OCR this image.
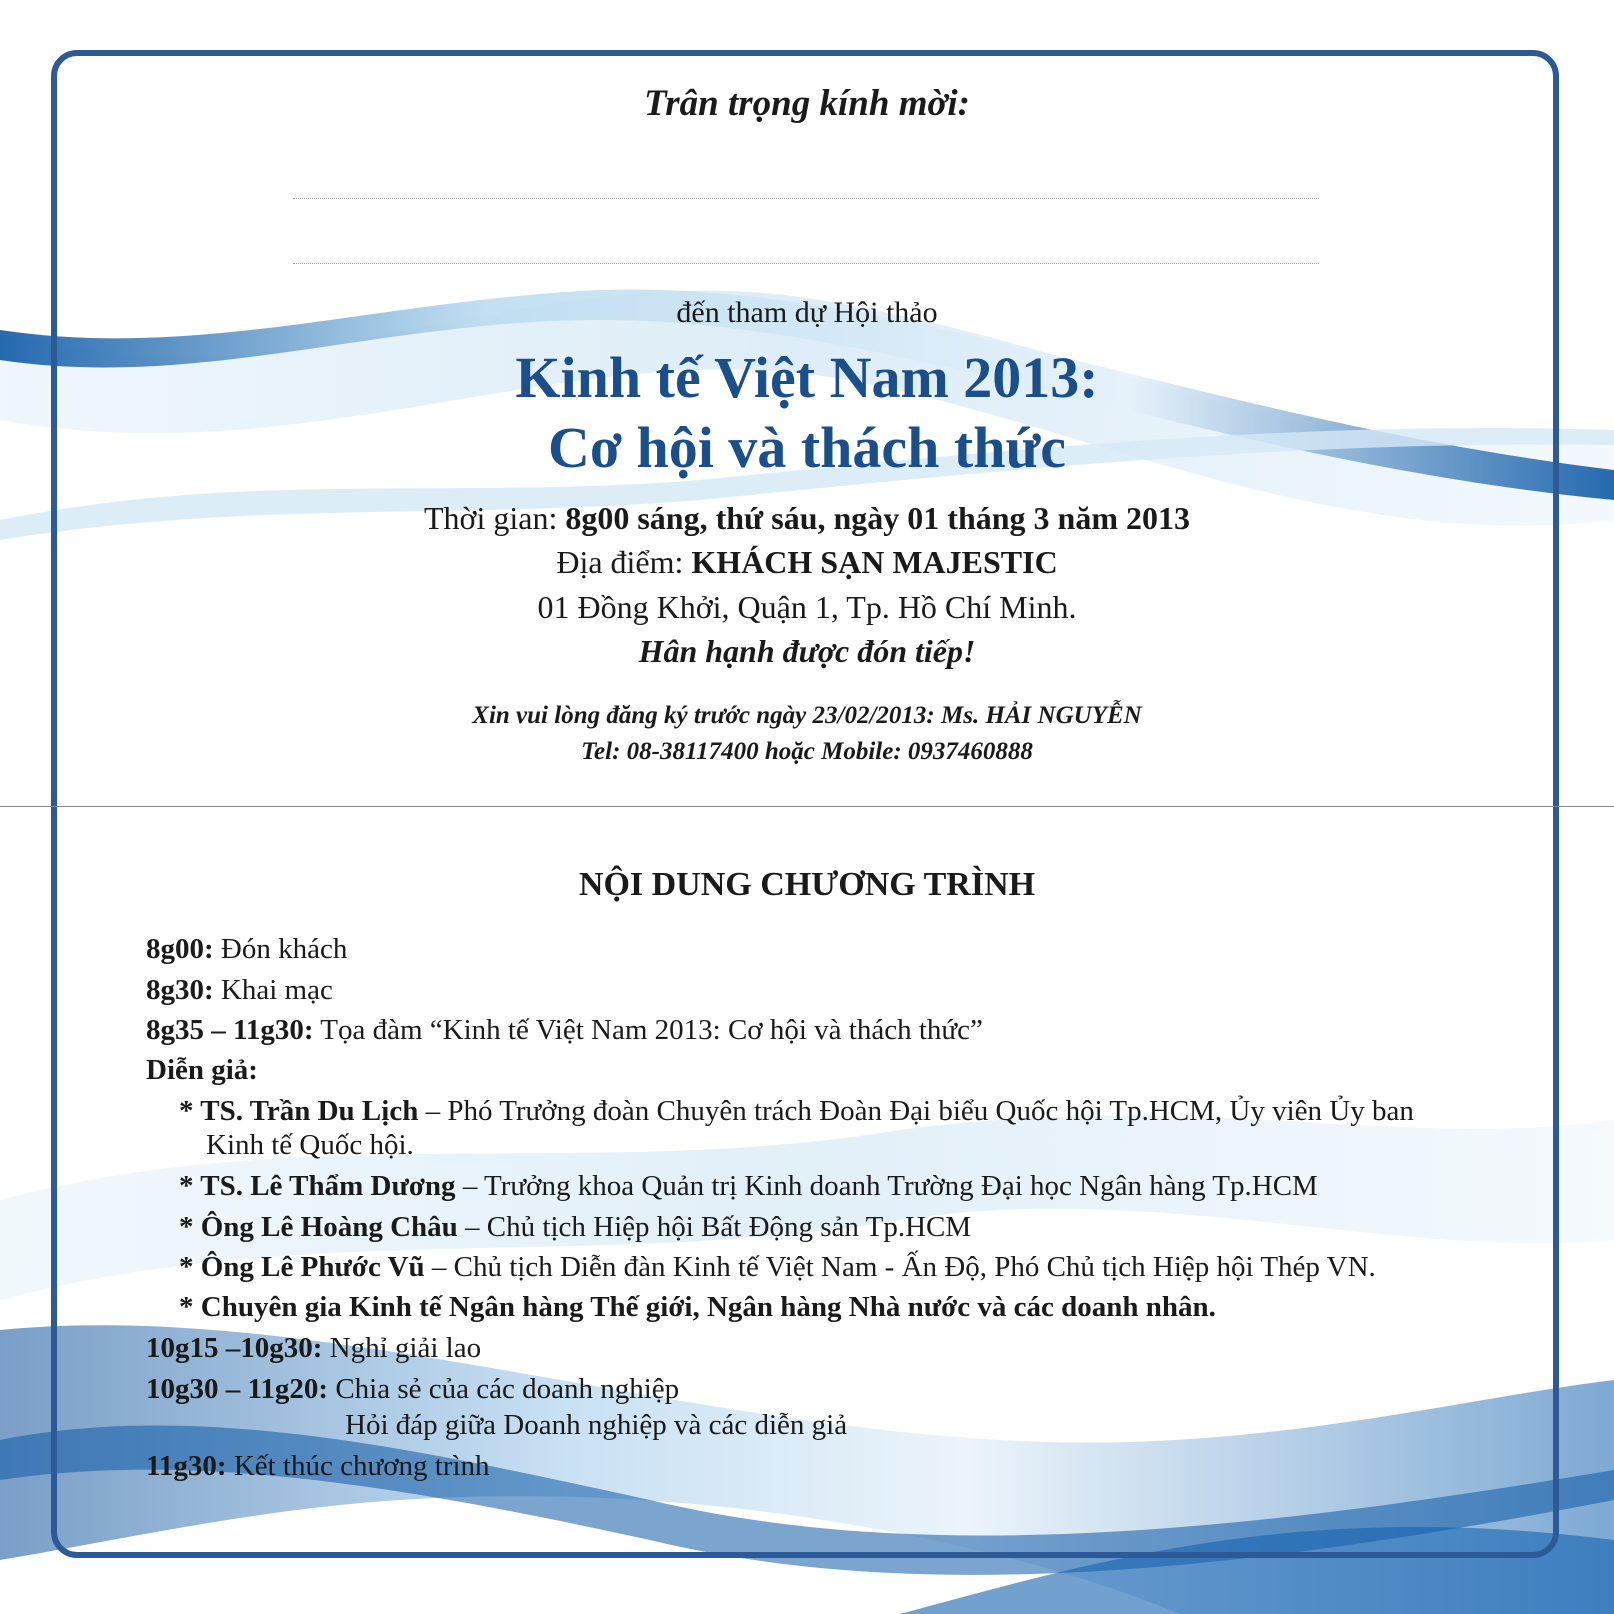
Trân trọng kính mời:
đến tham dự Hội thảo
Kinh tế Việt Nam 2013:
Cơ hội và thách thức
Thời gian: 8g00 sáng, thứ sáu, ngày 01 tháng 3 năm 2013
Địa điểm: KHÁCH SẠN MAJESTIC
01 Đồng Khởi, Quận 1, Tp. Hồ Chí Minh.
Hân hạnh được đón tiếp!
Xin vui lòng đăng ký trước ngày 23/02/2013: Ms. HẢI NGUYỄN
Tel: 08-38117400 hoặc Mobile: 0937460888
NỘI DUNG CHƯƠNG TRÌNH
8g00: Đón khách
8g30: Khai mạc
8g35 – 11g30: Tọa đàm “Kinh tế Việt Nam 2013: Cơ hội và thách thức”
Diễn giả:
* TS. Trần Du Lịch – Phó Trưởng đoàn Chuyên trách Đoàn Đại biểu Quốc hội Tp.HCM, Ủy viên Ủy ban
Kinh tế Quốc hội.
* TS. Lê Thẩm Dương – Trưởng khoa Quản trị Kinh doanh Trường Đại học Ngân hàng Tp.HCM
* Ông Lê Hoàng Châu – Chủ tịch Hiệp hội Bất Động sản Tp.HCM
* Ông Lê Phước Vũ – Chủ tịch Diễn đàn Kinh tế Việt Nam - Ấn Độ, Phó Chủ tịch Hiệp hội Thép VN.
* Chuyên gia Kinh tế Ngân hàng Thế giới, Ngân hàng Nhà nước và các doanh nhân.
10g15 –10g30: Nghỉ giải lao
10g30 – 11g20: Chia sẻ của các doanh nghiệp
Hỏi đáp giữa Doanh nghiệp và các diễn giả
11g30: Kết thúc chương trình
